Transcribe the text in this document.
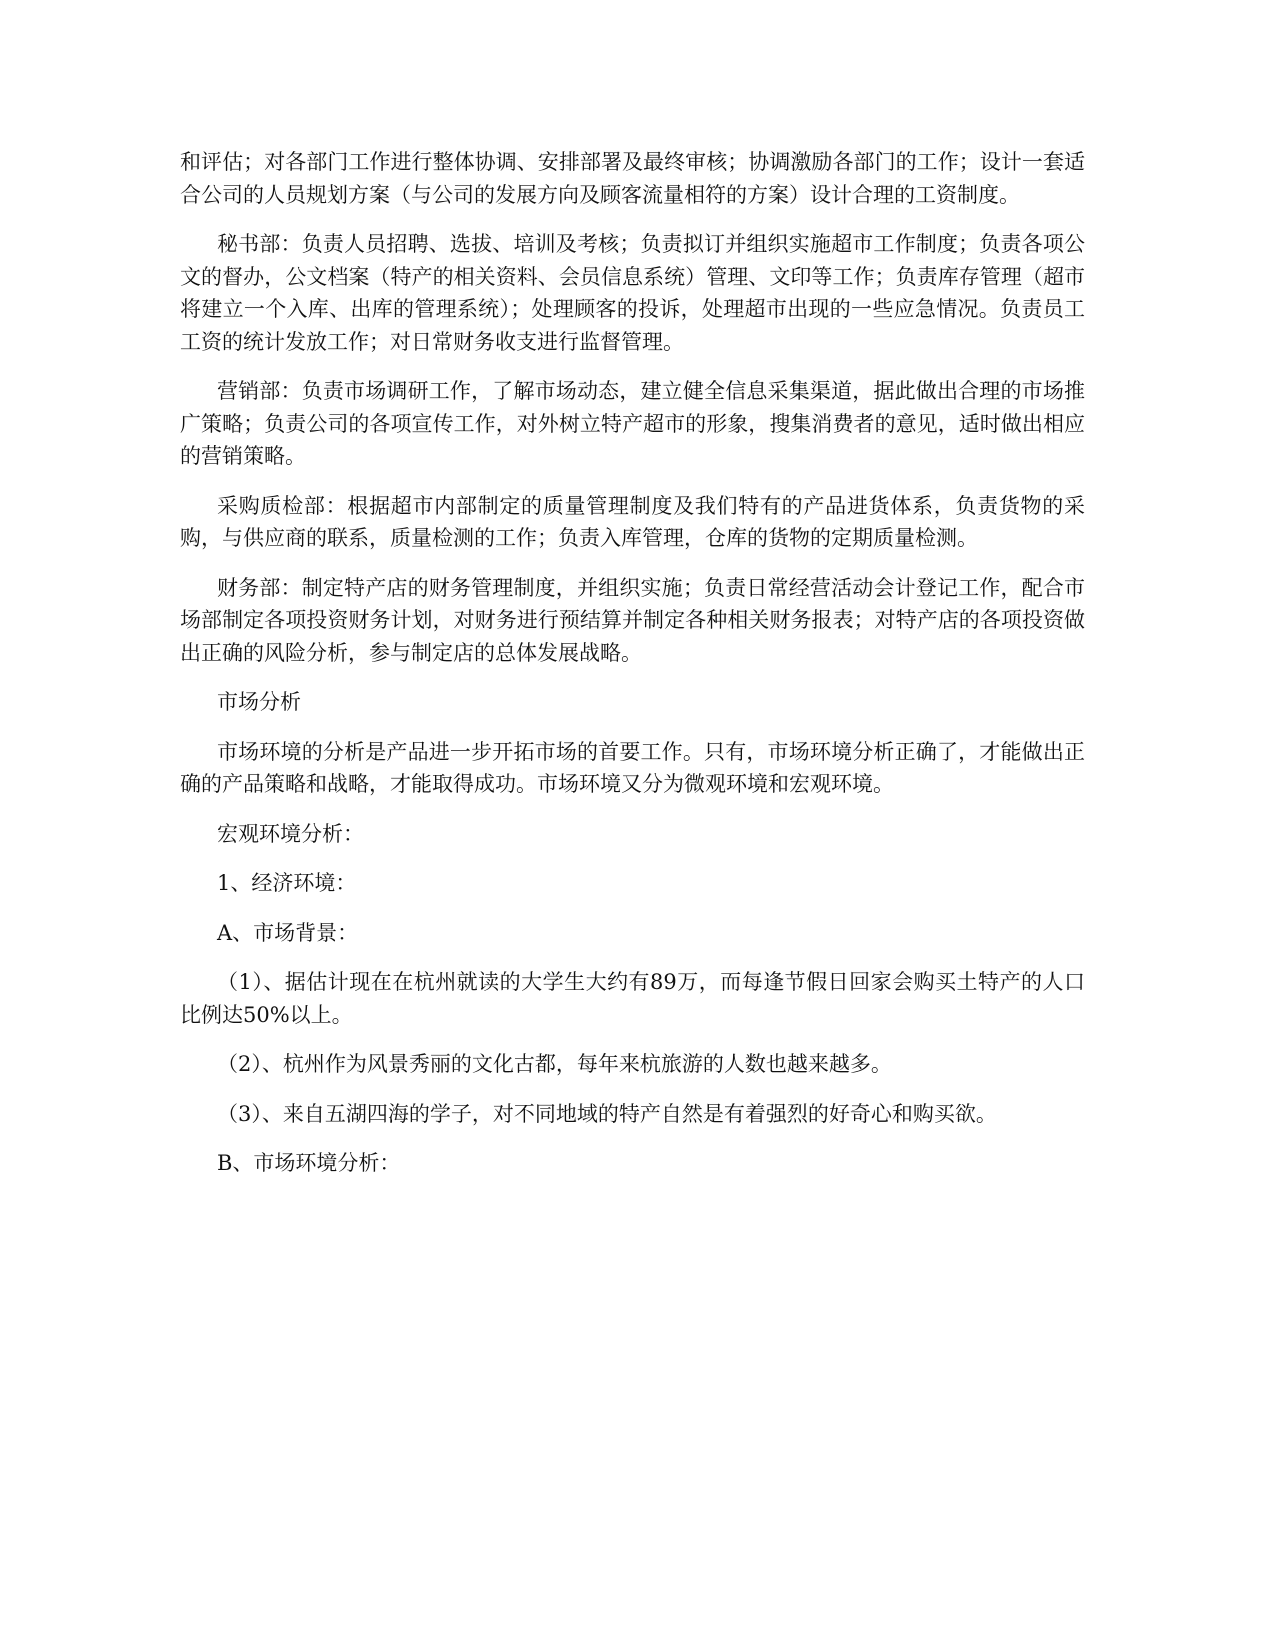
和评估；对各部门工作进行整体协调、安排部署及最终审核；协调激励各部门的工作；设计一套适合公司的人员规划方案（与公司的发展方向及顾客流量相符的方案）设计合理的工资制度。

秘书部：负责人员招聘、选拔、培训及考核；负责拟订并组织实施超市工作制度；负责各项公文的督办，公文档案（特产的相关资料、会员信息系统）管理、文印等工作；负责库存管理（超市将建立一个入库、出库的管理系统）；处理顾客的投诉，处理超市出现的一些应急情况。负责员工工资的统计发放工作；对日常财务收支进行监督管理。

营销部：负责市场调研工作，了解市场动态，建立健全信息采集渠道，据此做出合理的市场推广策略；负责公司的各项宣传工作，对外树立特产超市的形象，搜集消费者的意见，适时做出相应的营销策略。

采购质检部：根据超市内部制定的质量管理制度及我们特有的产品进货体系，负责货物的采购，与供应商的联系，质量检测的工作；负责入库管理，仓库的货物的定期质量检测。

财务部：制定特产店的财务管理制度，并组织实施；负责日常经营活动会计登记工作，配合市场部制定各项投资财务计划，对财务进行预结算并制定各种相关财务报表；对特产店的各项投资做出正确的风险分析，参与制定店的总体发展战略。

市场分析

市场环境的分析是产品进一步开拓市场的首要工作。只有，市场环境分析正确了，才能做出正确的产品策略和战略，才能取得成功。市场环境又分为微观环境和宏观环境。

宏观环境分析：

1、经济环境：

A、市场背景：

（1）、据估计现在在杭州就读的大学生大约有89万，而每逢节假日回家会购买土特产的人口比例达50%以上。

（2）、杭州作为风景秀丽的文化古都，每年来杭旅游的人数也越来越多。

（3）、来自五湖四海的学子，对不同地域的特产自然是有着强烈的好奇心和购买欲。

B、市场环境分析：
